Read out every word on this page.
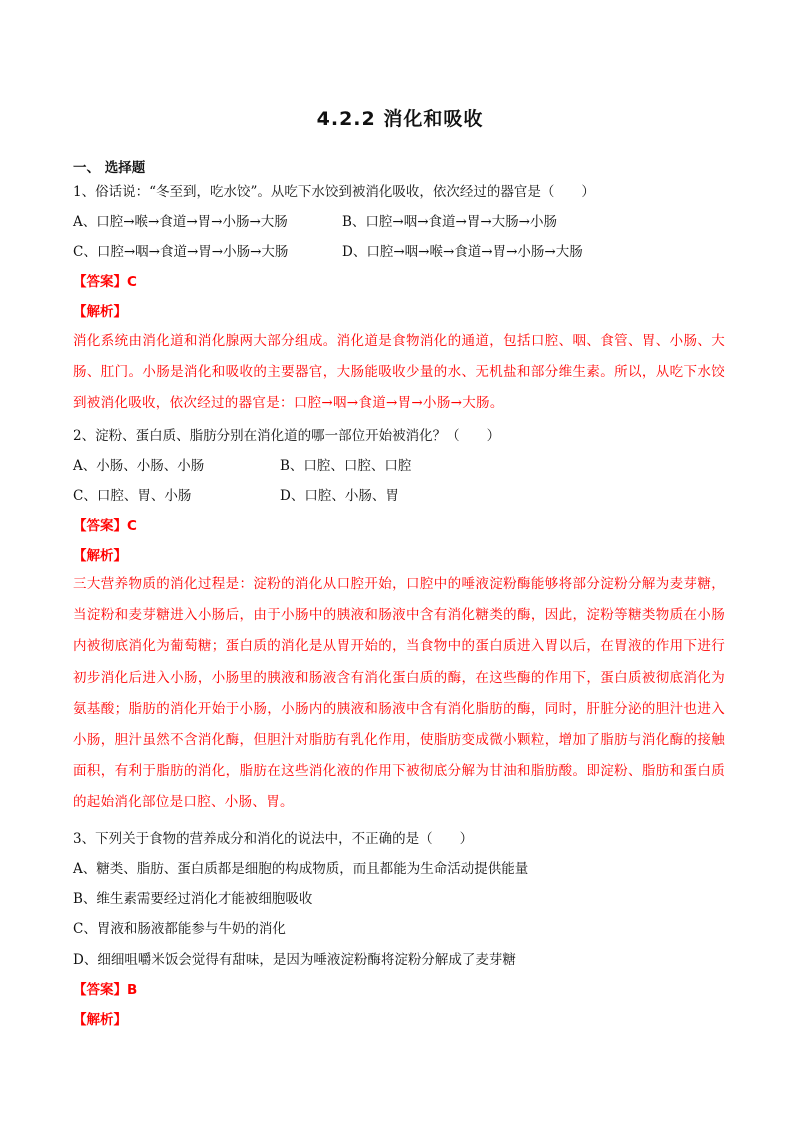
4.2.2 消化和吸收
一、 选择题
1、俗话说：“冬至到，吃水饺”。从吃下水饺到被消化吸收，依次经过的器官是（　　）
A、口腔→喉→食道→胃→小肠→大肠	B、口腔→咽→食道→胃→大肠→小肠
C、口腔→咽→食道→胃→小肠→大肠	D、口腔→咽→喉→食道→胃→小肠→大肠
【答案】C
【解析】
消化系统由消化道和消化腺两大部分组成。消化道是食物消化的通道，包括口腔、咽、食管、胃、小肠、大肠、肛门。小肠是消化和吸收的主要器官，大肠能吸收少量的水、无机盐和部分维生素。所以，从吃下水饺到被消化吸收，依次经过的器官是：口腔→咽→食道→胃→小肠→大肠。
2、淀粉、蛋白质、脂肪分别在消化道的哪一部位开始被消化？（　　）
A、小肠、小肠、小肠	B、口腔、口腔、口腔
C、口腔、胃、小肠	D、口腔、小肠、胃
【答案】C
【解析】
三大营养物质的消化过程是：淀粉的消化从口腔开始，口腔中的唾液淀粉酶能够将部分淀粉分解为麦芽糖，当淀粉和麦芽糖进入小肠后，由于小肠中的胰液和肠液中含有消化糖类的酶，因此，淀粉等糖类物质在小肠内被彻底消化为葡萄糖；蛋白质的消化是从胃开始的，当食物中的蛋白质进入胃以后，在胃液的作用下进行初步消化后进入小肠，小肠里的胰液和肠液含有消化蛋白质的酶，在这些酶的作用下，蛋白质被彻底消化为氨基酸；脂肪的消化开始于小肠，小肠内的胰液和肠液中含有消化脂肪的酶，同时，肝脏分泌的胆汁也进入小肠，胆汁虽然不含消化酶，但胆汁对脂肪有乳化作用，使脂肪变成微小颗粒，增加了脂肪与消化酶的接触面积，有利于脂肪的消化，脂肪在这些消化液的作用下被彻底分解为甘油和脂肪酸。即淀粉、脂肪和蛋白质的起始消化部位是口腔、小肠、胃。
3、下列关于食物的营养成分和消化的说法中，不正确的是（　　）
A、糖类、脂肪、蛋白质都是细胞的构成物质，而且都能为生命活动提供能量
B、维生素需要经过消化才能被细胞吸收
C、胃液和肠液都能参与牛奶的消化
D、细细咀嚼米饭会觉得有甜味，是因为唾液淀粉酶将淀粉分解成了麦芽糖
【答案】B
【解析】
